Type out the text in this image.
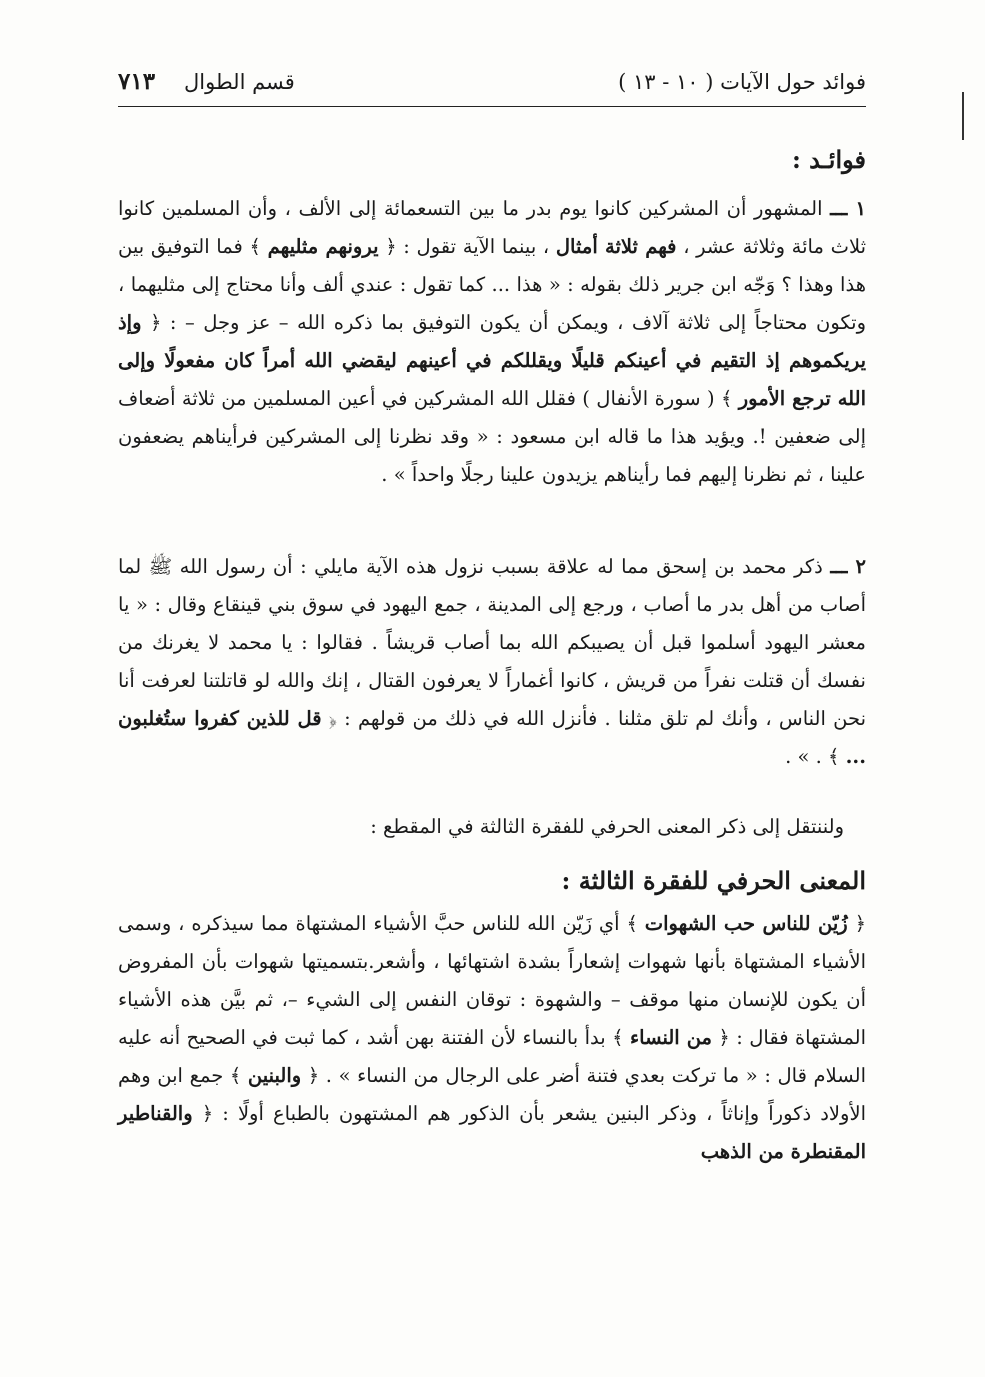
فوائد حول الآيات ( ١٠ - ١٣ )
قسم الطوال
٧١٣
فوائـد :

١ ـــ المشهور أن المشركين كانوا يوم بدر ما بين التسعمائة إلى الألف ، وأن المسلمين كانوا ثلاث مائة وثلاثة عشر ، فهم ثلاثة أمثال ، بينما الآية تقول : ﴿ يرونهم مثليهم ﴾ فما التوفيق بين هذا وهذا ؟ وَجّه ابن جرير ذلك بقوله : « هذا ... كما تقول : عندي ألف وأنا محتاج إلى مثليهما ، وتكون محتاجاً إلى ثلاثة آلاف ، ويمكن أن يكون التوفيق بما ذكره الله – عز وجل – : ﴿ وإذ يريكموهم إذ التقيم في أعينكم قليلًا ويقللكم في أعينهم ليقضي الله أمراً كان مفعولًا وإلى الله ترجع الأمور ﴾ ( سورة الأنفال ) فقلل الله المشركين في أعين المسلمين من ثلاثة أضعاف إلى ضعفين !. ويؤيد هذا ما قاله ابن مسعود : « وقد نظرنا إلى المشركين فرأيناهم يضعفون علينا ، ثم نظرنا إليهم فما رأيناهم يزيدون علينا رجلًا واحداً » .

٢ ـــ ذكر محمد بن إسحق مما له علاقة بسبب نزول هذه الآية مايلي : أن رسول الله ﷺ لما أصاب من أهل بدر ما أصاب ، ورجع إلى المدينة ، جمع اليهود في سوق بني قينقاع وقال : « يا معشر اليهود أسلموا قبل أن يصيبكم الله بما أصاب قريشاً . فقالوا : يا محمد لا يغرنك من نفسك أن قتلت نفراً من قريش ، كانوا أغماراً لا يعرفون القتال ، إنك والله لو قاتلتنا لعرفت أنا نحن الناس ، وأنك لم تلق مثلنا . فأنزل الله في ذلك من قولهم : ﴿ قل للذين كفروا ستُغلبون ... ﴾ . » .

ولننتقل إلى ذكر المعنى الحرفي للفقرة الثالثة في المقطع :

المعنى الحرفي للفقرة الثالثة :

﴿ زُيّن للناس حب الشهوات ﴾ أي زَيّن الله للناس حبَّ الأشياء المشتهاة مما سيذكره ، وسمى الأشياء المشتهاة بأنها شهوات إشعاراً بشدة اشتهائها ، وأشعر.بتسميتها شهوات بأن المفروض أن يكون للإنسان منها موقف – والشهوة : توقان النفس إلى الشيء –، ثم بيَّن هذه الأشياء المشتهاة فقال : ﴿ من النساء ﴾ بدأ بالنساء لأن الفتنة بهن أشد ، كما ثبت في الصحيح أنه عليه السلام قال : « ما تركت بعدي فتنة أضر على الرجال من النساء » . ﴿ والبنين ﴾ جمع ابن وهم الأولاد ذكوراً وإناثاً ، وذكر البنين يشعر بأن الذكور هم المشتهون بالطباع أولًا : ﴿ والقناطير المقنطرة من الذهب
